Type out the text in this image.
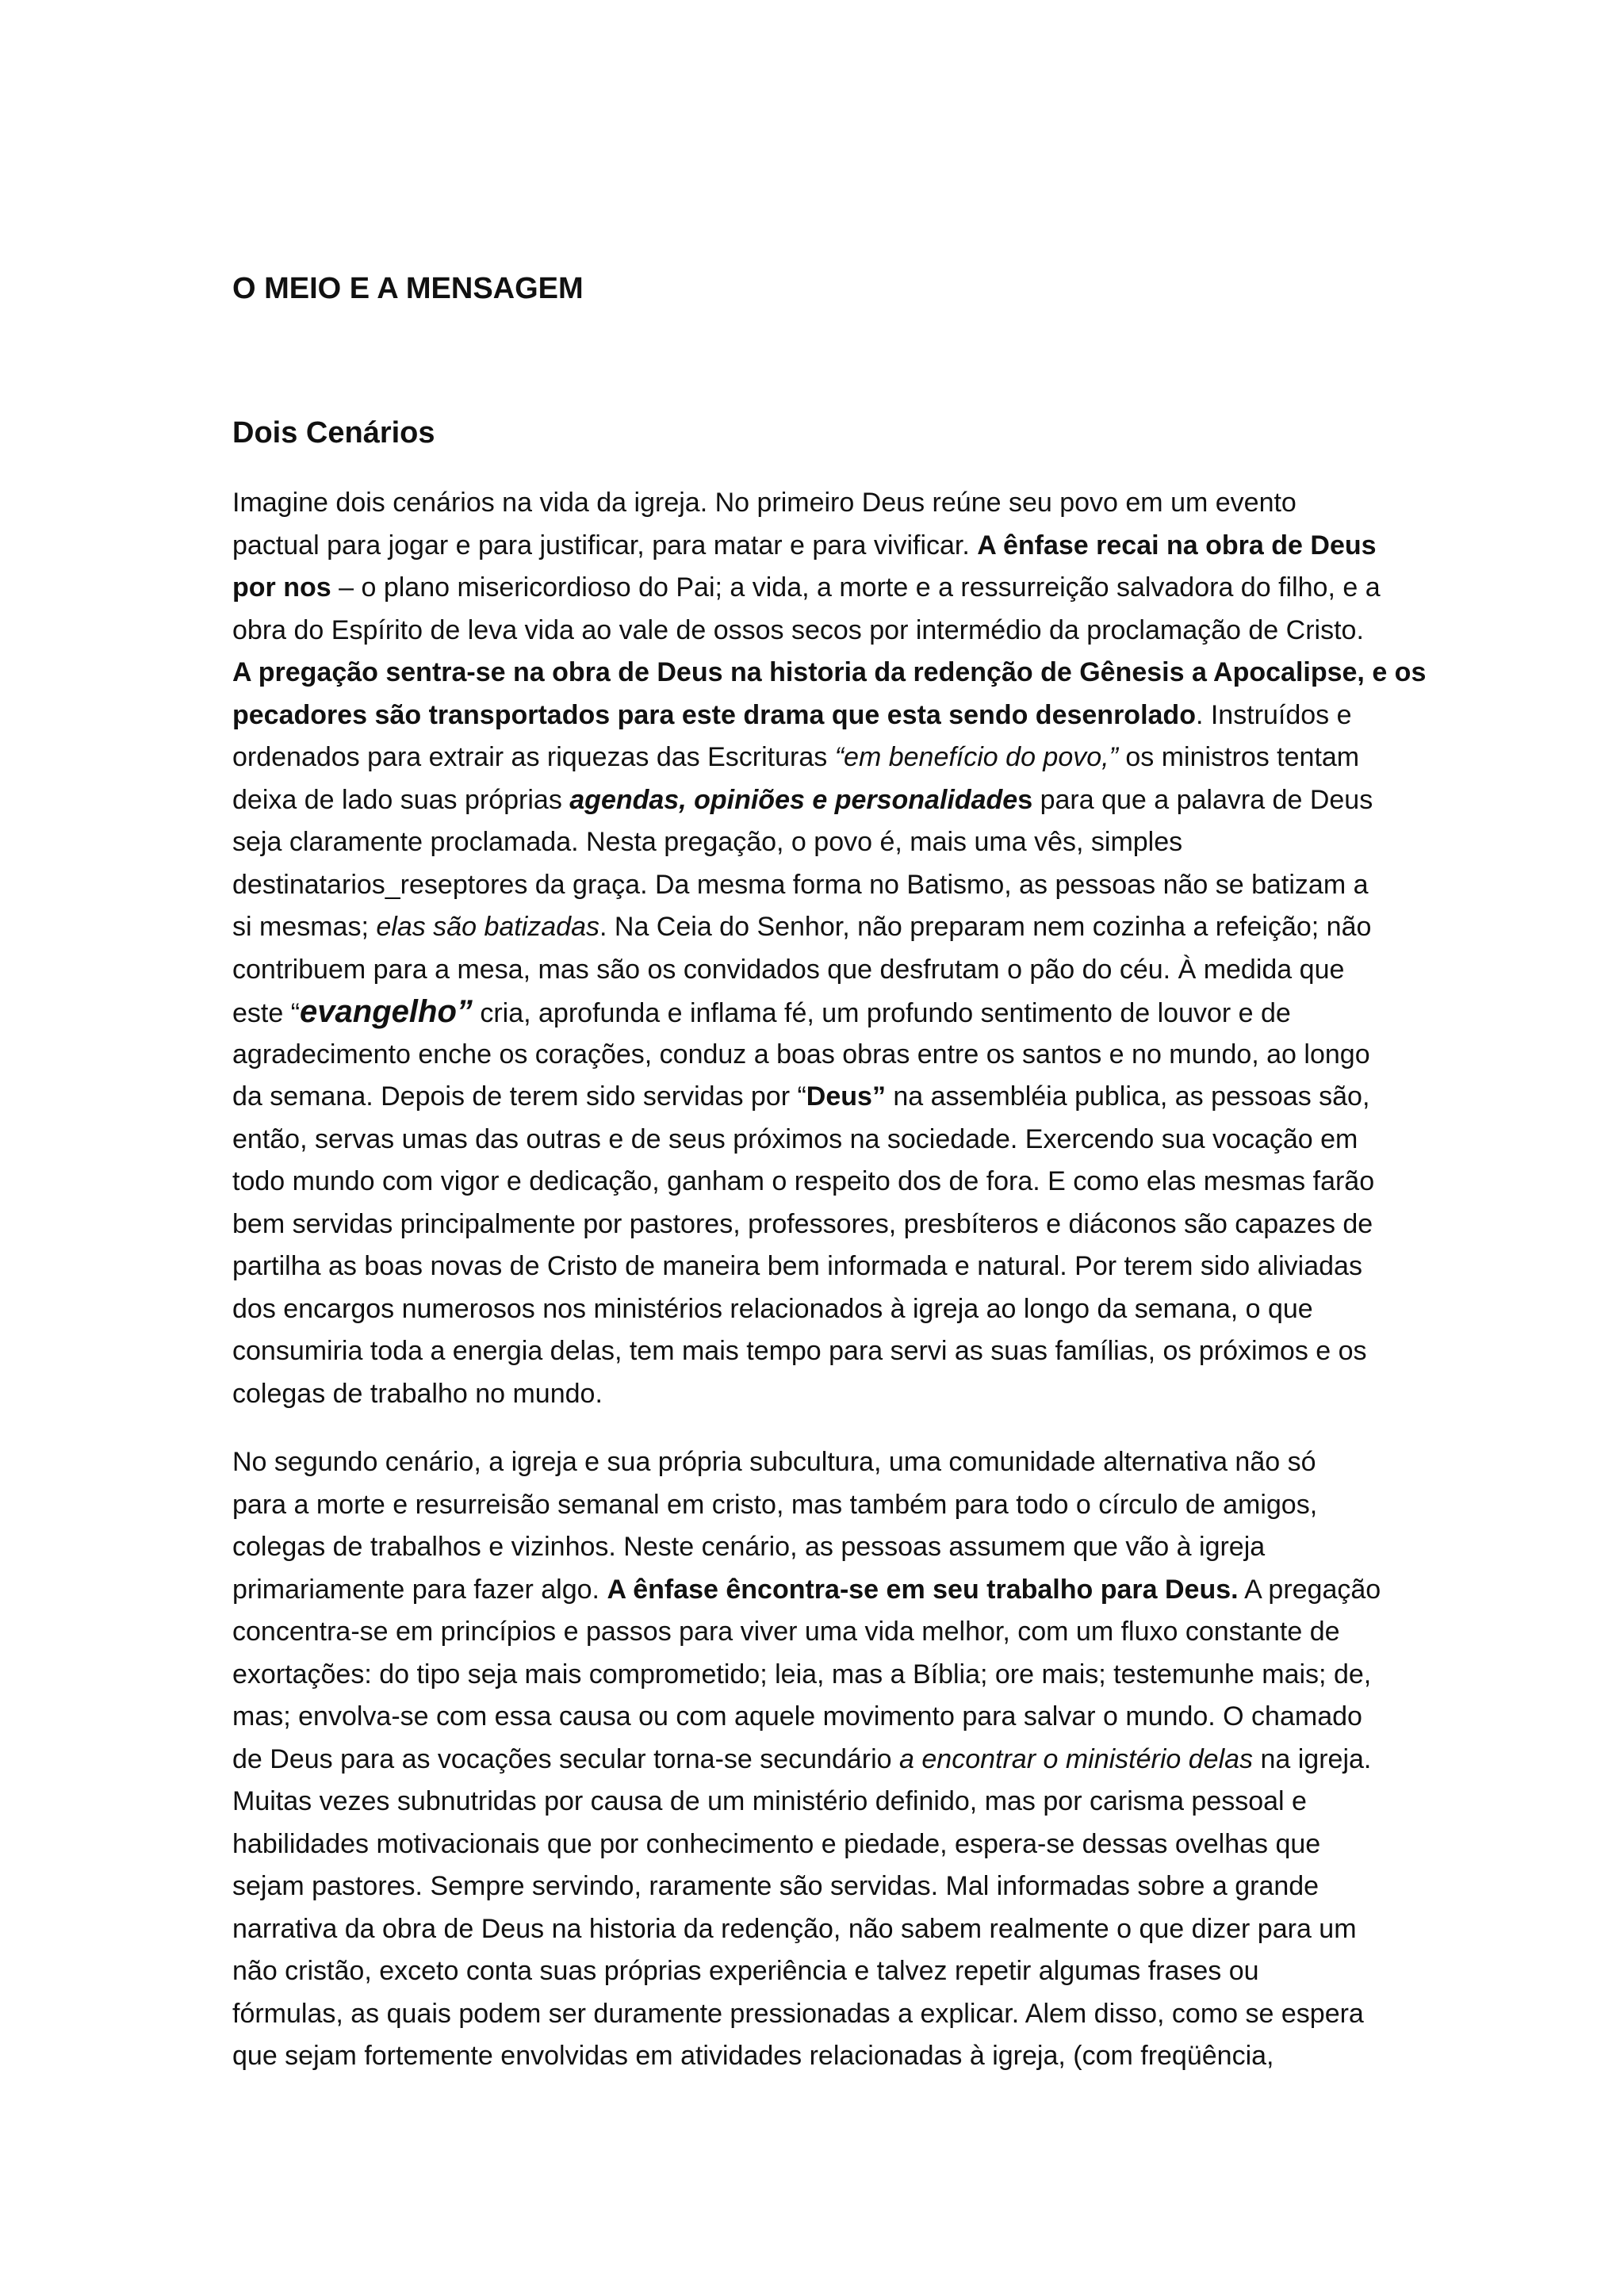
O MEIO E A MENSAGEM
Dois Cenários

Imagine dois cenários na vida da igreja. No primeiro Deus reúne seu povo em um evento
pactual para jogar e para justificar, para matar e para vivificar. A ênfase recai na obra de Deus
por nos – o plano misericordioso do Pai; a vida, a morte e a ressurreição salvadora do filho, e a
obra do Espírito de leva vida ao vale de ossos secos por intermédio da proclamação de Cristo.
A pregação sentra-se na obra de Deus na historia da redenção de Gênesis a Apocalipse, e os
pecadores são transportados para este drama que esta sendo desenrolado. Instruídos e
ordenados para extrair as riquezas das Escrituras “em benefício do povo,” os ministros tentam
deixa de lado suas próprias agendas, opiniões e personalidades para que a palavra de Deus
seja claramente proclamada. Nesta pregação, o povo é, mais uma vês, simples
destinatarios_reseptores da graça. Da mesma forma no Batismo, as pessoas não se batizam a
si mesmas; elas são batizadas. Na Ceia do Senhor, não preparam nem cozinha a refeição; não
contribuem para a mesa, mas são os convidados que desfrutam o pão do céu. À medida que
este “evangelho” cria, aprofunda e inflama fé, um profundo sentimento de louvor e de
agradecimento enche os corações, conduz a boas obras entre os santos e no mundo, ao longo
da semana. Depois de terem sido servidas por “Deus” na assembléia publica, as pessoas são,
então, servas umas das outras e de seus próximos na sociedade. Exercendo sua vocação em
todo mundo com vigor e dedicação, ganham o respeito dos de fora. E como elas mesmas farão
bem servidas principalmente por pastores, professores, presbíteros e diáconos são capazes de
partilha as boas novas de Cristo de maneira bem informada e natural. Por terem sido aliviadas
dos encargos numerosos nos ministérios relacionados à igreja ao longo da semana, o que
consumiria toda a energia delas, tem mais tempo para servi as suas famílias, os próximos e os
colegas de trabalho no mundo.

No segundo cenário, a igreja e sua própria subcultura, uma comunidade alternativa não só
para a morte e resurreisão semanal em cristo, mas também para todo o círculo de amigos,
colegas de trabalhos e vizinhos. Neste cenário, as pessoas assumem que vão à igreja
primariamente para fazer algo. A ênfase êncontra-se em seu trabalho para Deus. A pregação
concentra-se em princípios e passos para viver uma vida melhor, com um fluxo constante de
exortações: do tipo seja mais comprometido; leia, mas a Bíblia; ore mais; testemunhe mais; de,
mas; envolva-se com essa causa ou com aquele movimento para salvar o mundo. O chamado
de Deus para as vocações secular torna-se secundário a encontrar o ministério delas na igreja.
Muitas vezes subnutridas por causa de um ministério definido, mas por carisma pessoal e
habilidades motivacionais que por conhecimento e piedade, espera-se dessas ovelhas que
sejam pastores. Sempre servindo, raramente são servidas. Mal informadas sobre a grande
narrativa da obra de Deus na historia da redenção, não sabem realmente o que dizer para um
não cristão, exceto conta suas próprias experiência e talvez repetir algumas frases ou
fórmulas, as quais podem ser duramente pressionadas a explicar. Alem disso, como se espera
que sejam fortemente envolvidas em atividades relacionadas à igreja, (com freqüência,
